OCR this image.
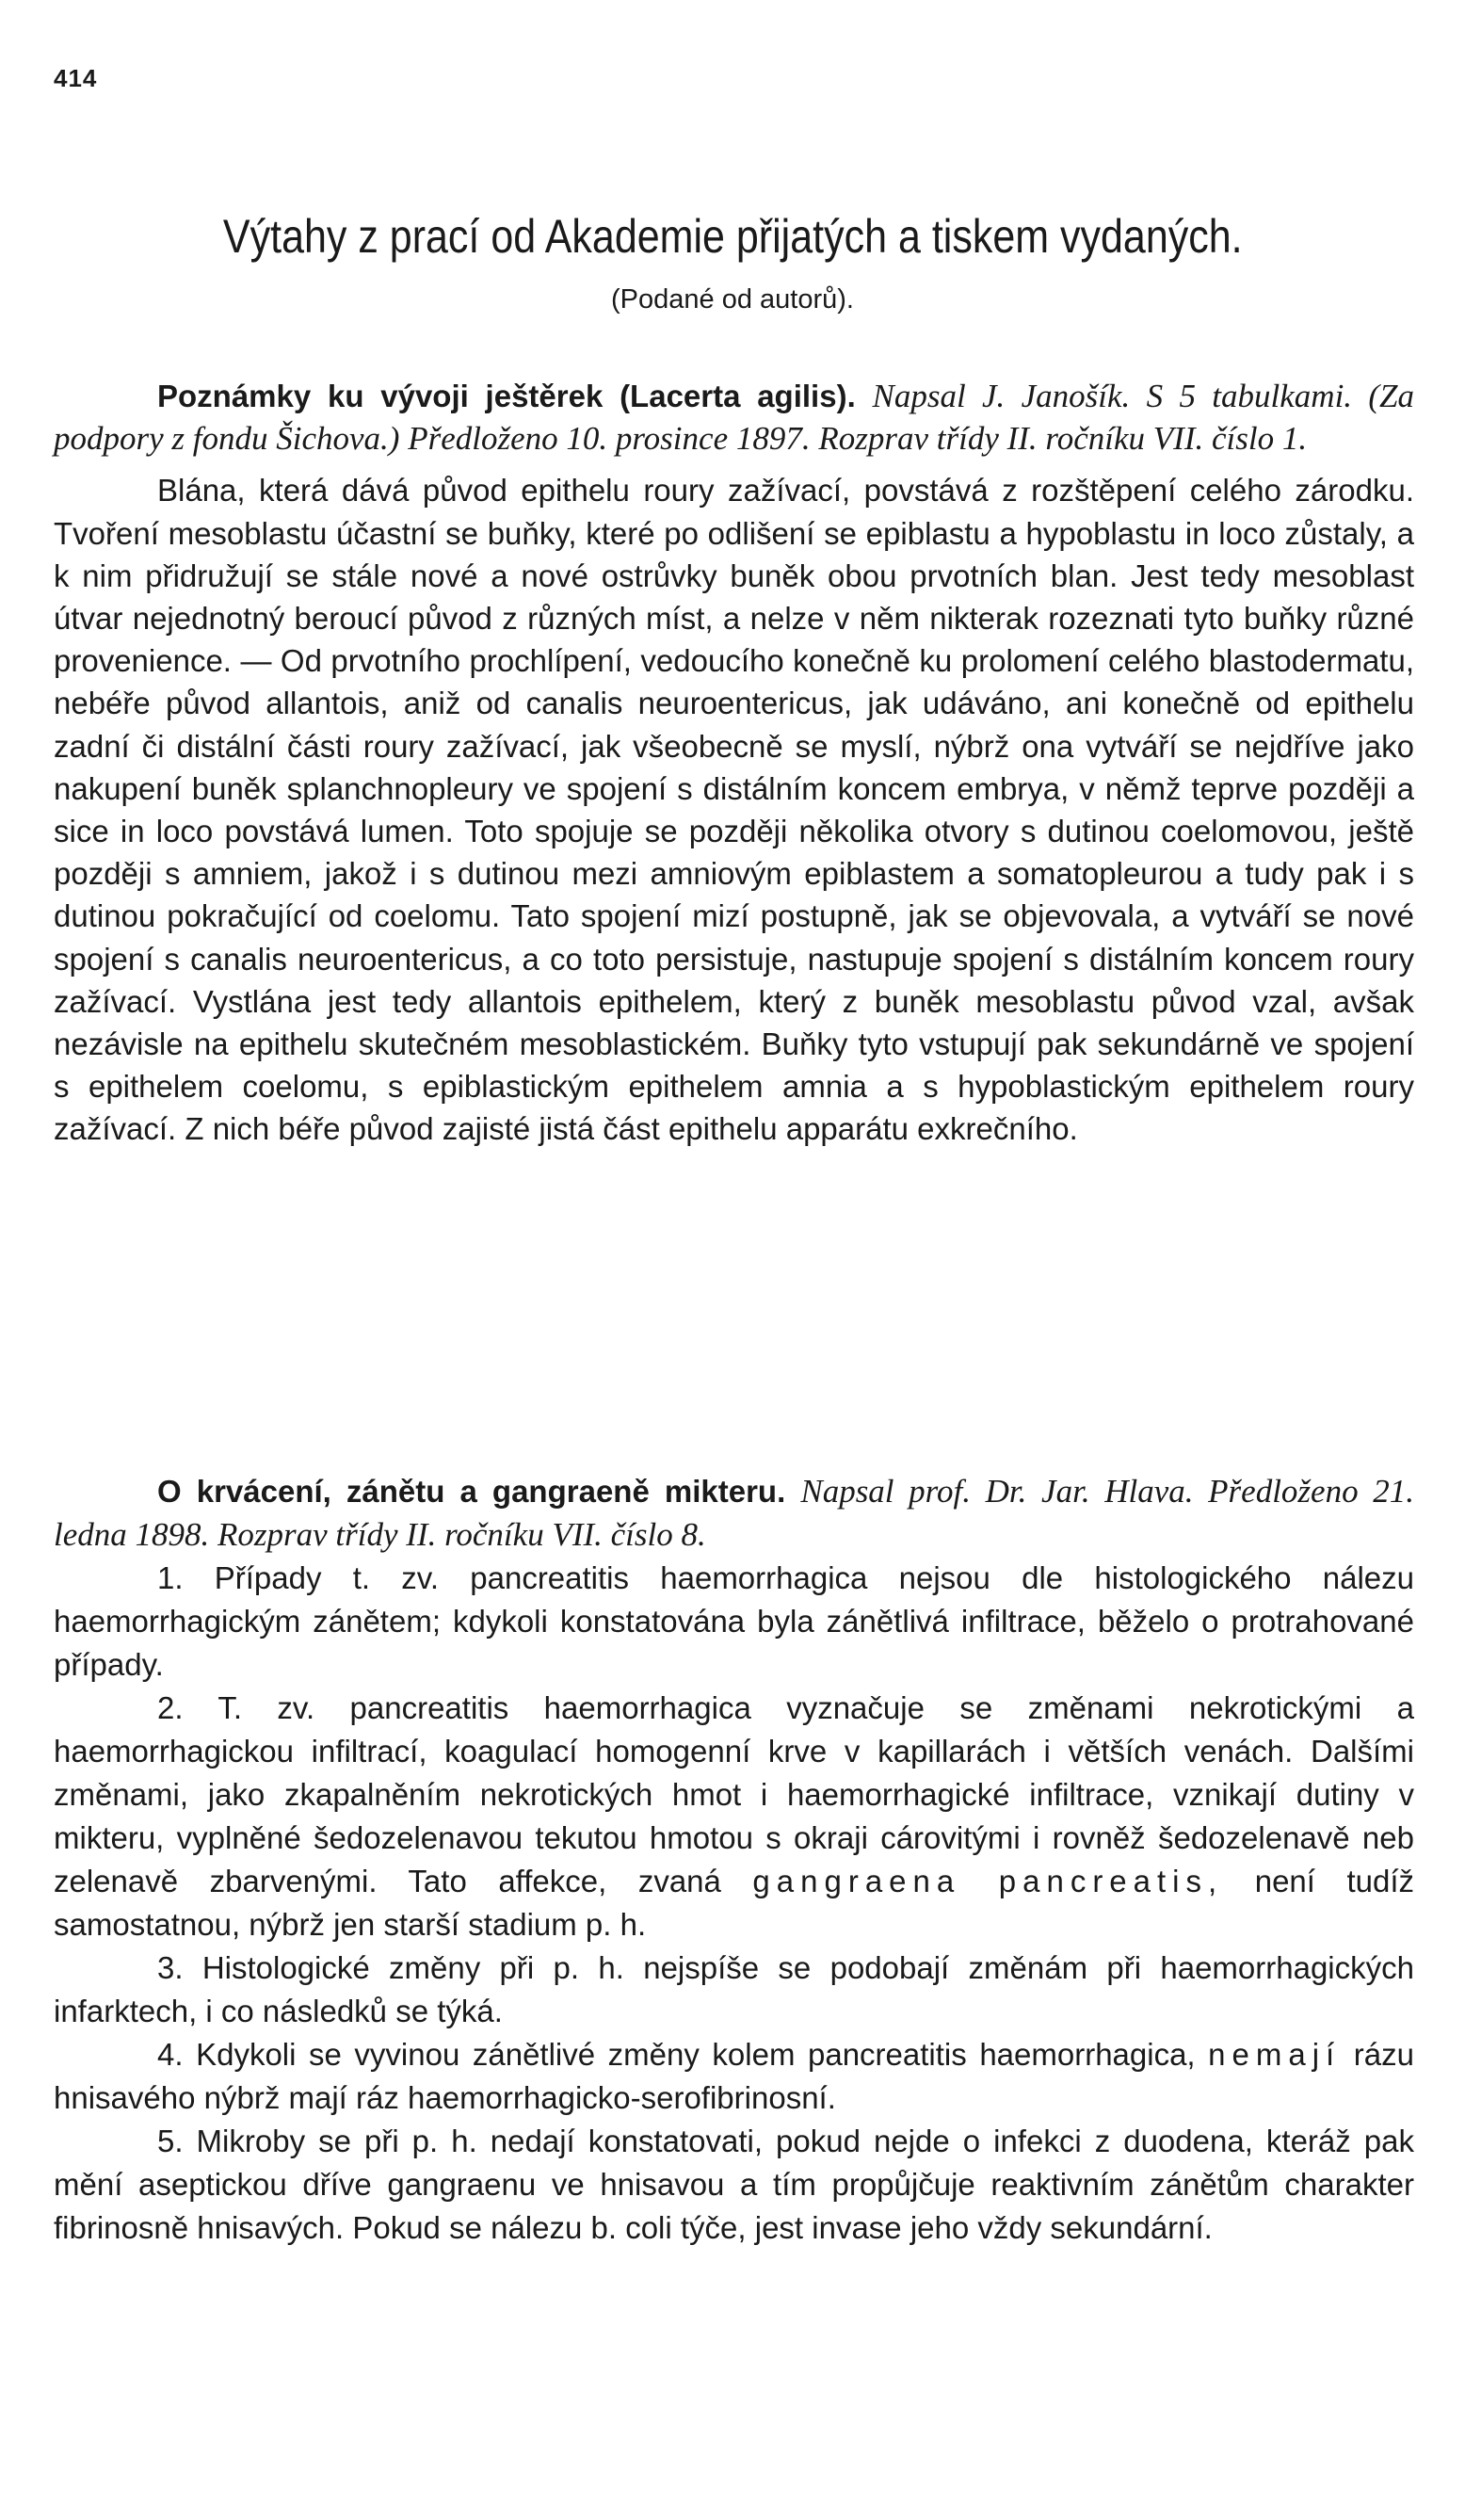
414
Výtahy z prací od Akademie přijatých a tiskem vydaných.
(Podané od autorů).

Poznámky ku vývoji ještěrek (Lacerta agilis). Napsal J. Janošík. S 5 tabulkami. (Za podpory z fondu Šichova.) Předloženo 10. prosince 1897. Rozprav třídy II. ročníku VII. číslo 1.

Blána, která dává původ epithelu roury zažívací, povstává z rozštěpení celého zárodku. Tvoření mesoblastu účastní se buňky, které po odlišení se epiblastu a hypoblastu in loco zůstaly, a k nim přidružují se stále nové a nové ostrůvky buněk obou prvotních blan. Jest tedy mesoblast útvar nejednotný beroucí původ z různých míst, a nelze v něm nikterak rozeznati tyto buňky různé provenience. — Od prvotního prochlípení, vedoucího konečně ku prolomení celého blastodermatu, nebéře původ allantois, aniž od canalis neuroentericus, jak udáváno, ani konečně od epithelu zadní či distální části roury zažívací, jak všeobecně se myslí, nýbrž ona vytváří se nejdříve jako nakupení buněk splanchnopleury ve spojení s distálním koncem embrya, v němž teprve později a sice in loco povstává lumen. Toto spojuje se později několika otvory s dutinou coelomovou, ještě později s amniem, jakož i s dutinou mezi amniovým epiblastem a somatopleurou a tudy pak i s dutinou pokračující od coelomu. Tato spojení mizí postupně, jak se objevovala, a vytváří se nové spojení s canalis neuroentericus, a co toto persistuje, nastupuje spojení s distálním koncem roury zažívací. Vystlána jest tedy allantois epithelem, který z buněk mesoblastu původ vzal, avšak nezávisle na epithelu skutečném mesoblastickém. Buňky tyto vstupují pak sekundárně ve spojení s epithelem coelomu, s epiblastickým epithelem amnia a s hypoblastickým epithelem roury zažívací. Z nich béře původ zajisté jistá část epithelu apparátu exkrečního.

O krvácení, zánětu a gangraeně mikteru. Napsal prof. Dr. Jar. Hlava. Předloženo 21. ledna 1898. Rozprav třídy II. ročníku VII. číslo 8.

1. Případy t. zv. pancreatitis haemorrhagica nejsou dle histologického nálezu haemorrhagickým zánětem; kdykoli konstatována byla zánětlivá infiltrace, běželo o protrahované případy.

2. T. zv. pancreatitis haemorrhagica vyznačuje se změnami nekrotickými a haemorrhagickou infiltrací, koagulací homogenní krve v kapillarách i větších venách. Dalšími změnami, jako zkapalněním nekrotických hmot i haemorrhagické infiltrace, vznikají dutiny v mikteru, vyplněné šedozelenavou tekutou hmotou s okraji cárovitými i rovněž šedozelenavě neb zelenavě zbarvenými. Tato affekce, zvaná gangraena pancreatis, není tudíž samostatnou, nýbrž jen starší stadium p. h.

3. Histologické změny při p. h. nejspíše se podobají změnám při haemorrhagických infarktech, i co následků se týká.

4. Kdykoli se vyvinou zánětlivé změny kolem pancreatitis haemorrhagica, nemají rázu hnisavého nýbrž mají ráz haemorrhagicko-serofibrinosní.

5. Mikroby se při p. h. nedají konstatovati, pokud nejde o infekci z duodena, kteráž pak mění aseptickou dříve gangraenu ve hnisavou a tím propůjčuje reaktivním zánětům charakter fibrinosně hnisavých. Pokud se nálezu b. coli týče, jest invase jeho vždy sekundární.
